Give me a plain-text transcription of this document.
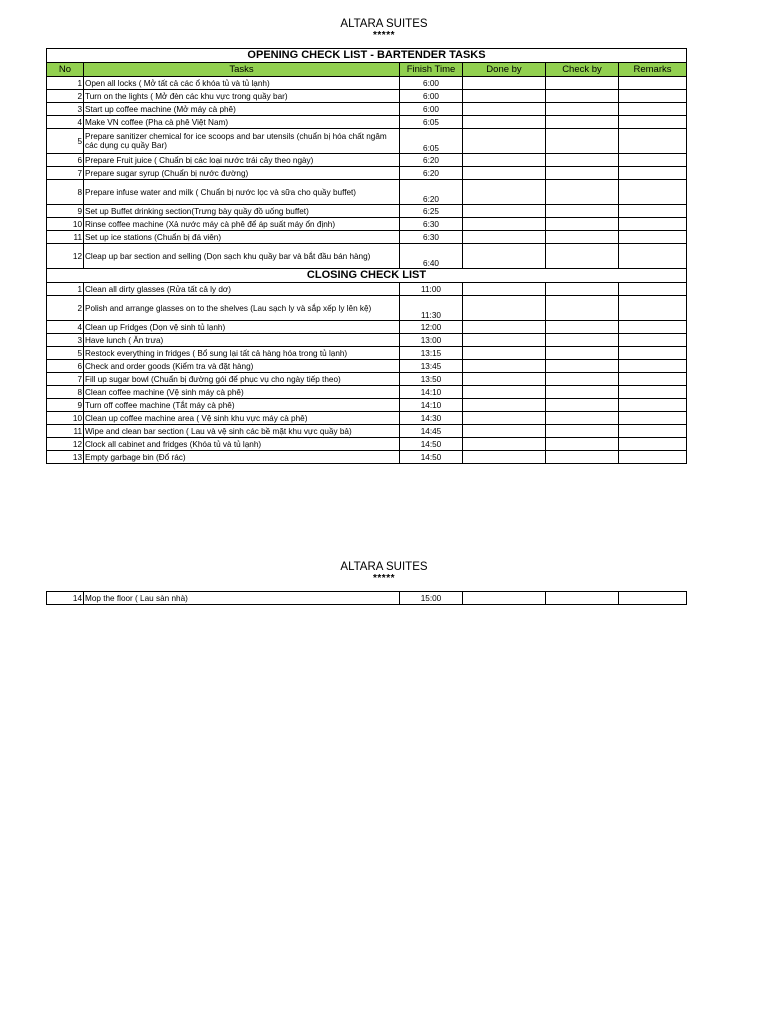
ALTARA SUITES
*****
OPENING CHECK LIST - BARTENDER TASKS					
No	Tasks	Finish Time	Done by	Check by	Remarks
1	Open all locks ( Mở tất cả các ổ khóa tủ và tủ lạnh)	6:00			
2	Turn on the lights ( Mở đèn các khu vực trong quầy bar)	6:00			
3	Start up coffee machine (Mở máy cà phê)	6:00			
4	Make VN coffee (Pha cà phê Việt Nam)	6:05			
5	Prepare sanitizer chemical for ice scoops and bar utensils (chuẩn bị hóa chất ngâm các dụng cụ quầy Bar)	6:05			
6	Prepare Fruit juice ( Chuẩn bị các loại nước trái cây theo ngày)	6:20			
7	Prepare sugar syrup (Chuẩn bị nước đường)	6:20			
8	Prepare infuse water and milk ( Chuẩn bị nước lọc và sữa cho quầy buffet)	6:20			
9	Set up Buffet drinking section(Trưng bày quầy đồ uống buffet)	6:25			
10	Rinse coffee machine (Xả nước máy cà phê để áp suất máy ổn định)	6:30			
11	Set up ice stations (Chuẩn bị đá viên)	6:30			
12	Cleap up bar section and selling (Dọn sạch khu quầy bar và bắt đầu bán hàng)	6:40			
CLOSING CHECK LIST					
1	Clean all dirty glasses (Rửa tất cả ly dơ)	11:00			
2	Polish and arrange glasses on to the shelves (Lau sạch ly và sắp xếp ly lên kệ)	11:30			
4	Clean up Fridges (Dọn vệ sinh tủ lạnh)	12:00			
3	Have lunch ( Ăn trưa)	13:00			
5	Restock everything in fridges ( Bổ sung lại tất cả hàng hóa trong tủ lạnh)	13:15			
6	Check and order goods (Kiểm tra và đặt hàng)	13:45			
7	Fill up sugar bowl (Chuẩn bị đường gói để phục vụ cho ngày tiếp theo)	13:50			
8	Clean coffee machine (Vệ sinh máy cà phê)	14:10			
9	Turn off coffee machine (Tắt máy cà phê)	14:10			
10	Clean up coffee machine area ( Vệ sinh khu vực máy cà phê)	14:30			
11	Wipe and clean bar section ( Lau và vệ sinh các bề mặt khu vực quầy bả)	14:45			
12	Clock all cabinet and fridges (Khóa tủ và tủ lạnh)	14:50			
13	Empty garbage bin (Đổ rác)	14:50			
ALTARA SUITES
*****
14	Mop the floor ( Lau sàn nhà)	15:00			
